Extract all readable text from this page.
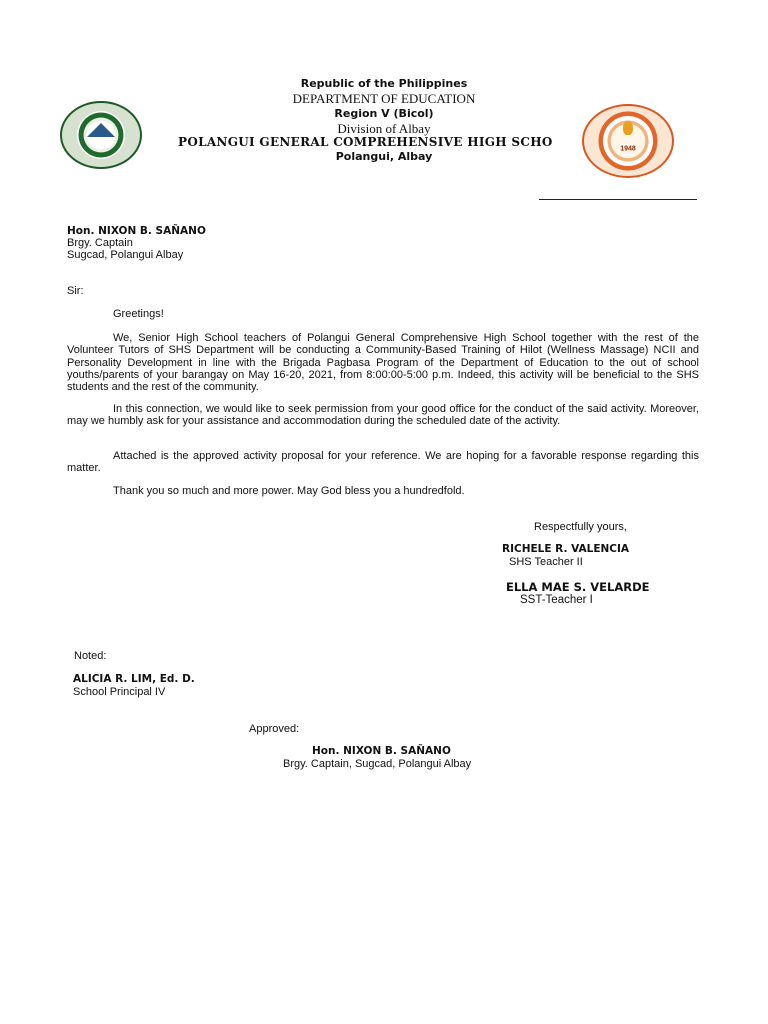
1948
Republic of the Philippines
DEPARTMENT OF EDUCATION
Region V (Bicol)
Division of Albay
POLANGUI GENERAL COMPREHENSIVE HIGH SCHO
Polangui, Albay
Hon. NIXON B. SAÑANO
Brgy. Captain
Sugcad, Polangui Albay
Sir:
Greetings!
We, Senior High School teachers of Polangui General Comprehensive High School together with the rest of the Volunteer Tutors of SHS Department will be conducting a Community-Based Training of Hilot (Wellness Massage) NCII and Personality Development in line with the Brigada Pagbasa Program of the Department of Education to the out of school youths/parents of your barangay on May 16-20, 2021, from 8:00:00-5:00 p.m. Indeed, this activity will be beneficial to the SHS students and the rest of the community.
In this connection, we would like to seek permission from your good office for the conduct of the said activity. Moreover, may we humbly ask for your assistance and accommodation during the scheduled date of the activity.
Attached is the approved activity proposal for your reference. We are hoping for a favorable response regarding this matter.
Thank you so much and more power. May God bless you a hundredfold.
Respectfully yours,
RICHELE R. VALENCIA
SHS Teacher II
ELLA MAE S. VELARDE
SST-Teacher I
Noted:
ALICIA R. LIM, Ed. D.
School Principal IV
Approved:
Hon. NIXON B. SAÑANO
Brgy. Captain, Sugcad, Polangui Albay
